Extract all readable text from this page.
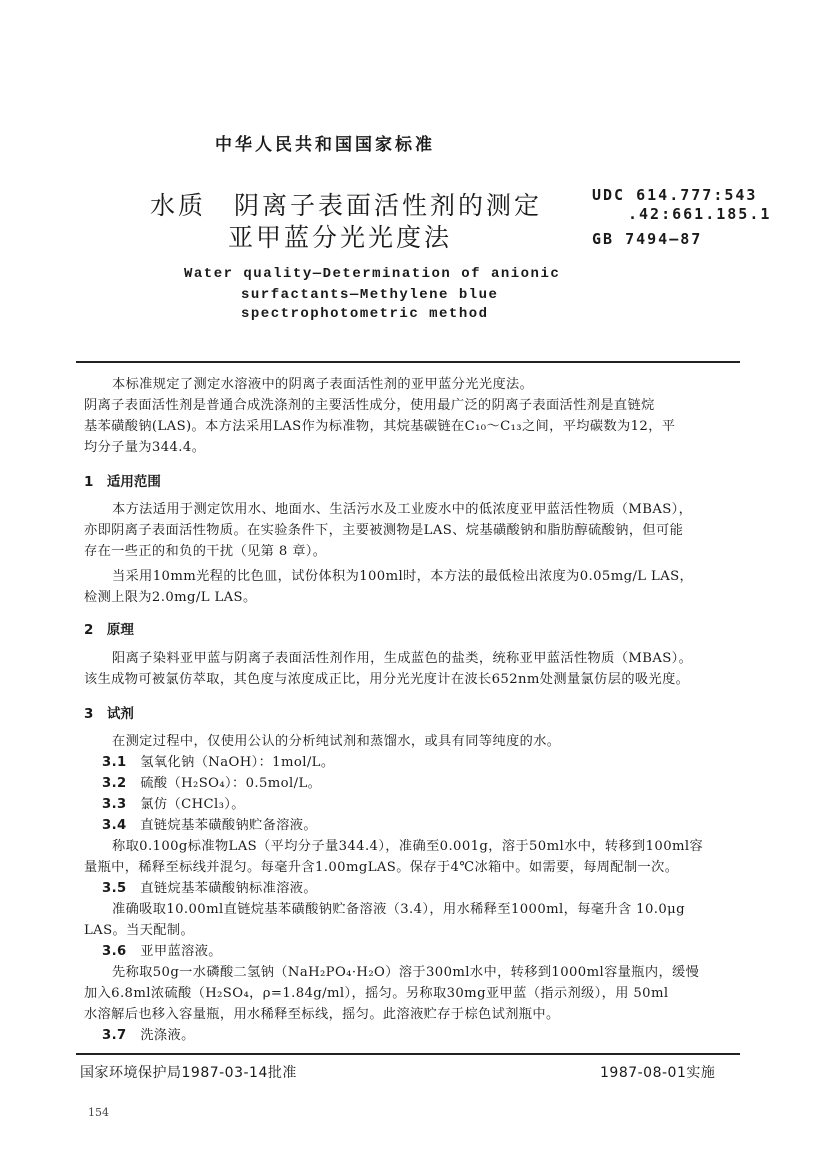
中华人民共和国国家标准
水质　阴离子表面活性剂的测定
亚甲蓝分光光度法
UDC 614.777:543
.42:661.185.1
GB 7494—87
Water quality—Determination of anionic
surfactants—Methylene blue
spectrophotometric method
本标准规定了测定水溶液中的阴离子表面活性剂的亚甲蓝分光光度法。
阴离子表面活性剂是普通合成洗涤剂的主要活性成分，使用最广泛的阴离子表面活性剂是直链烷
基苯磺酸钠(LAS)。本方法采用LAS作为标准物，其烷基碳链在C₁₀～C₁₃之间，平均碳数为12，平
均分子量为344.4。
1　适用范围
本方法适用于测定饮用水、地面水、生活污水及工业废水中的低浓度亚甲蓝活性物质（MBAS），
亦即阴离子表面活性物质。在实验条件下，主要被测物是LAS、烷基磺酸钠和脂肪醇硫酸钠，但可能
存在一些正的和负的干扰（见第 8 章）。
当采用10mm光程的比色皿，试份体积为100ml时，本方法的最低检出浓度为0.05mg/L LAS，
检测上限为2.0mg/L LAS。
2　原理
阳离子染料亚甲蓝与阴离子表面活性剂作用，生成蓝色的盐类，统称亚甲蓝活性物质（MBAS）。
该生成物可被氯仿萃取，其色度与浓度成正比，用分光光度计在波长652nm处测量氯仿层的吸光度。
3　试剂
在测定过程中，仅使用公认的分析纯试剂和蒸馏水，或具有同等纯度的水。
3.1 氢氧化钠（NaOH）：1mol/L。
3.2 硫酸（H₂SO₄）：0.5mol/L。
3.3 氯仿（CHCl₃）。
3.4 直链烷基苯磺酸钠贮备溶液。
称取0.100g标准物LAS（平均分子量344.4），准确至0.001g，溶于50ml水中，转移到100ml容
量瓶中，稀释至标线并混匀。每毫升含1.00mgLAS。保存于4℃冰箱中。如需要，每周配制一次。
3.5 直链烷基苯磺酸钠标准溶液。
准确吸取10.00ml直链烷基苯磺酸钠贮备溶液（3.4），用水稀释至1000ml，每毫升含 10.0μg
LAS。当天配制。
3.6 亚甲蓝溶液。
先称取50g一水磷酸二氢钠（NaH₂PO₄·H₂O）溶于300ml水中，转移到1000ml容量瓶内，缓慢
加入6.8ml浓硫酸（H₂SO₄，ρ=1.84g/ml），摇匀。另称取30mg亚甲蓝（指示剂级），用 50ml
水溶解后也移入容量瓶，用水稀释至标线，摇匀。此溶液贮存于棕色试剂瓶中。
3.7 洗涤液。
国家环境保护局1987-03-14批准	1987-08-01实施
154
